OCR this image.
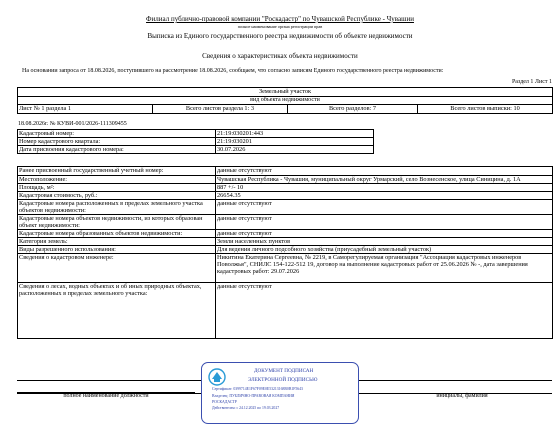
Филиал публично-правовой компании "Роскадастр" по Чувашской Республике - Чувашии
полное наименование органа регистрации прав
Выписка из Единого государственного реестра недвижимости об объекте недвижимости
Сведения о характеристиках объекта недвижимости
На основании запроса от 18.08.2026, поступившего на рассмотрение 18.08.2026, сообщаем, что согласно записям Единого государственного реестра недвижимости:
Раздел 1 Лист 1
Земельный участок
вид объекта недвижимости
Лист № 1 раздела 1	Всего листов раздела 1: 3	Всего разделов: 7	Всего листов выписки: 10
18.08.2026г. № КУВИ-001/2026-111309455
Кадастровый номер:	21:19:030201:443
Номер кадастрового квартала:	21:19:030201
Дата присвоения кадастрового номера:	30.07.2026
Ранее присвоенный государственный учетный номер:	данные отсутствуют
Местоположение:	Чувашская Республика - Чувашия, муниципальный округ Урмарский, село Вознесенское, улица Синицина, д. 1А
Площадь, м²:	887 +/- 10
Кадастровая стоимость, руб.:	26654.35
Кадастровые номера расположенных в пределах земельного участка объектов недвижимости:	данные отсутствуют
Кадастровые номера объектов недвижимости, из которых образован объект недвижимости:	данные отсутствуют
Кадастровые номера образованных объектов недвижимости:	данные отсутствуют
Категория земель:	Земли населенных пунктов
Виды разрешенного использования:	Для ведения личного подсобного хозяйства (приусадебный земельный участок)
Сведения о кадастровом инженере:	Никитина Екатерина Сергеевна, № 2219, в Саморегулируемая организация "Ассоциация кадастровых инженеров Поволжья", СНИЛС 154-122-512 19, договор на выполнение кадастровых работ от 25.06.2026 № -, дата завершения кадастровых работ: 29.07.2026
Сведения о лесах, водных объектах и об иных природных объектах, расположенных в пределах земельного участка:	данные отсутствуют
полное наименование должности	инициалы, фамилия
ДОКУМЕНТ ПОДПИСАН
ЭЛЕКТРОННОЙ ПОДПИСЬЮ
Сертификат: 0399714E1F67F09E0E53213168B0B1F5643
Владелец: ПУБЛИЧНО-ПРАВОВАЯ КОМПАНИЯ
РОСКАДАСТР
Действителен: с 24.12.2025 по 19.03.2027
